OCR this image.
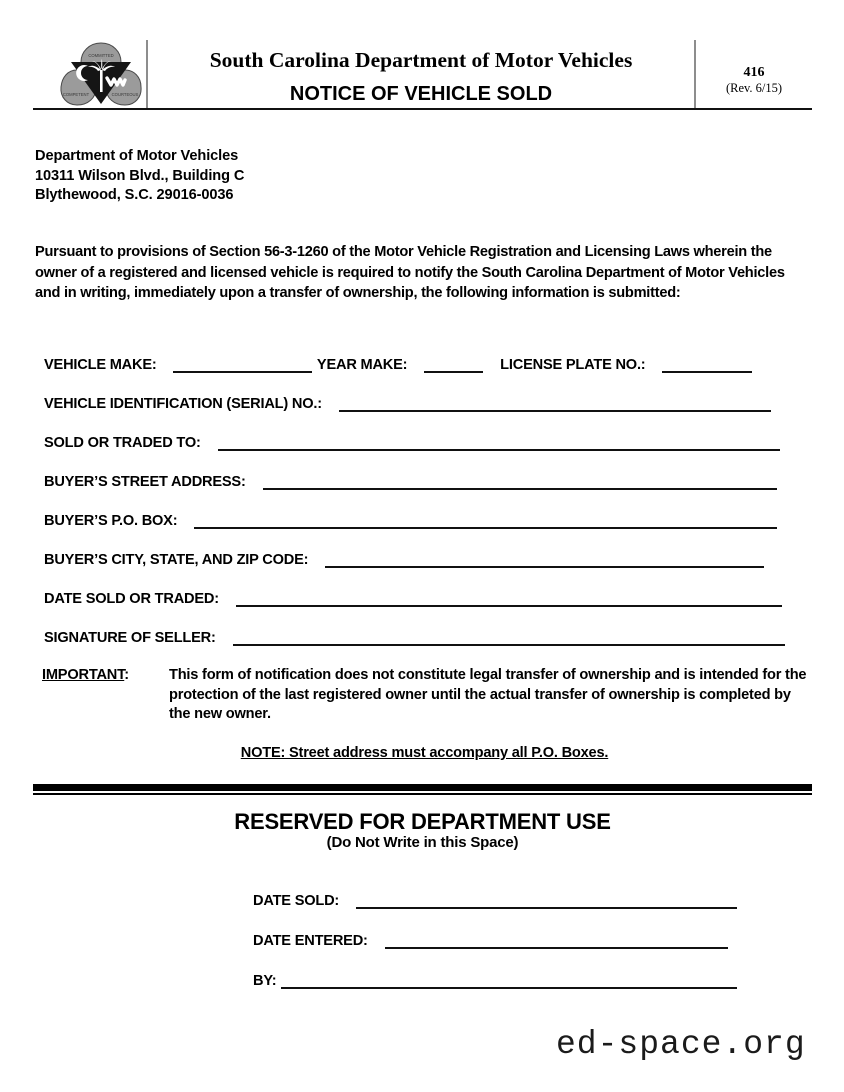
COMMITTED
COMPETENT	COURTEOUS
South Carolina Department of Motor Vehicles
NOTICE OF VEHICLE SOLD
416
(Rev. 6/15)
Department of Motor Vehicles
10311 Wilson Blvd., Building C
Blythewood, S.C. 29016-0036
Pursuant to provisions of Section 56-3-1260 of the Motor Vehicle Registration and Licensing Laws wherein the owner of a registered and licensed vehicle is required to notify the South Carolina Department of Motor Vehicles and in writing, immediately upon a transfer of ownership, the following information is submitted:
VEHICLE MAKE:	YEAR MAKE:	LICENSE PLATE NO.:
VEHICLE IDENTIFICATION (SERIAL) NO.:
SOLD OR TRADED TO:
BUYER’S STREET ADDRESS:
BUYER’S P.O. BOX:
BUYER’S CITY, STATE, AND ZIP CODE:
DATE SOLD OR TRADED:
SIGNATURE OF SELLER:
IMPORTANT:	This form of notification does not constitute legal transfer of ownership and is intended for the protection of the last registered owner until the actual transfer of ownership is completed by the new owner.
NOTE: Street address must accompany all P.O. Boxes.
RESERVED FOR DEPARTMENT USE
(Do Not Write in this Space)
DATE SOLD:
DATE ENTERED:
BY:
ed-space.org
